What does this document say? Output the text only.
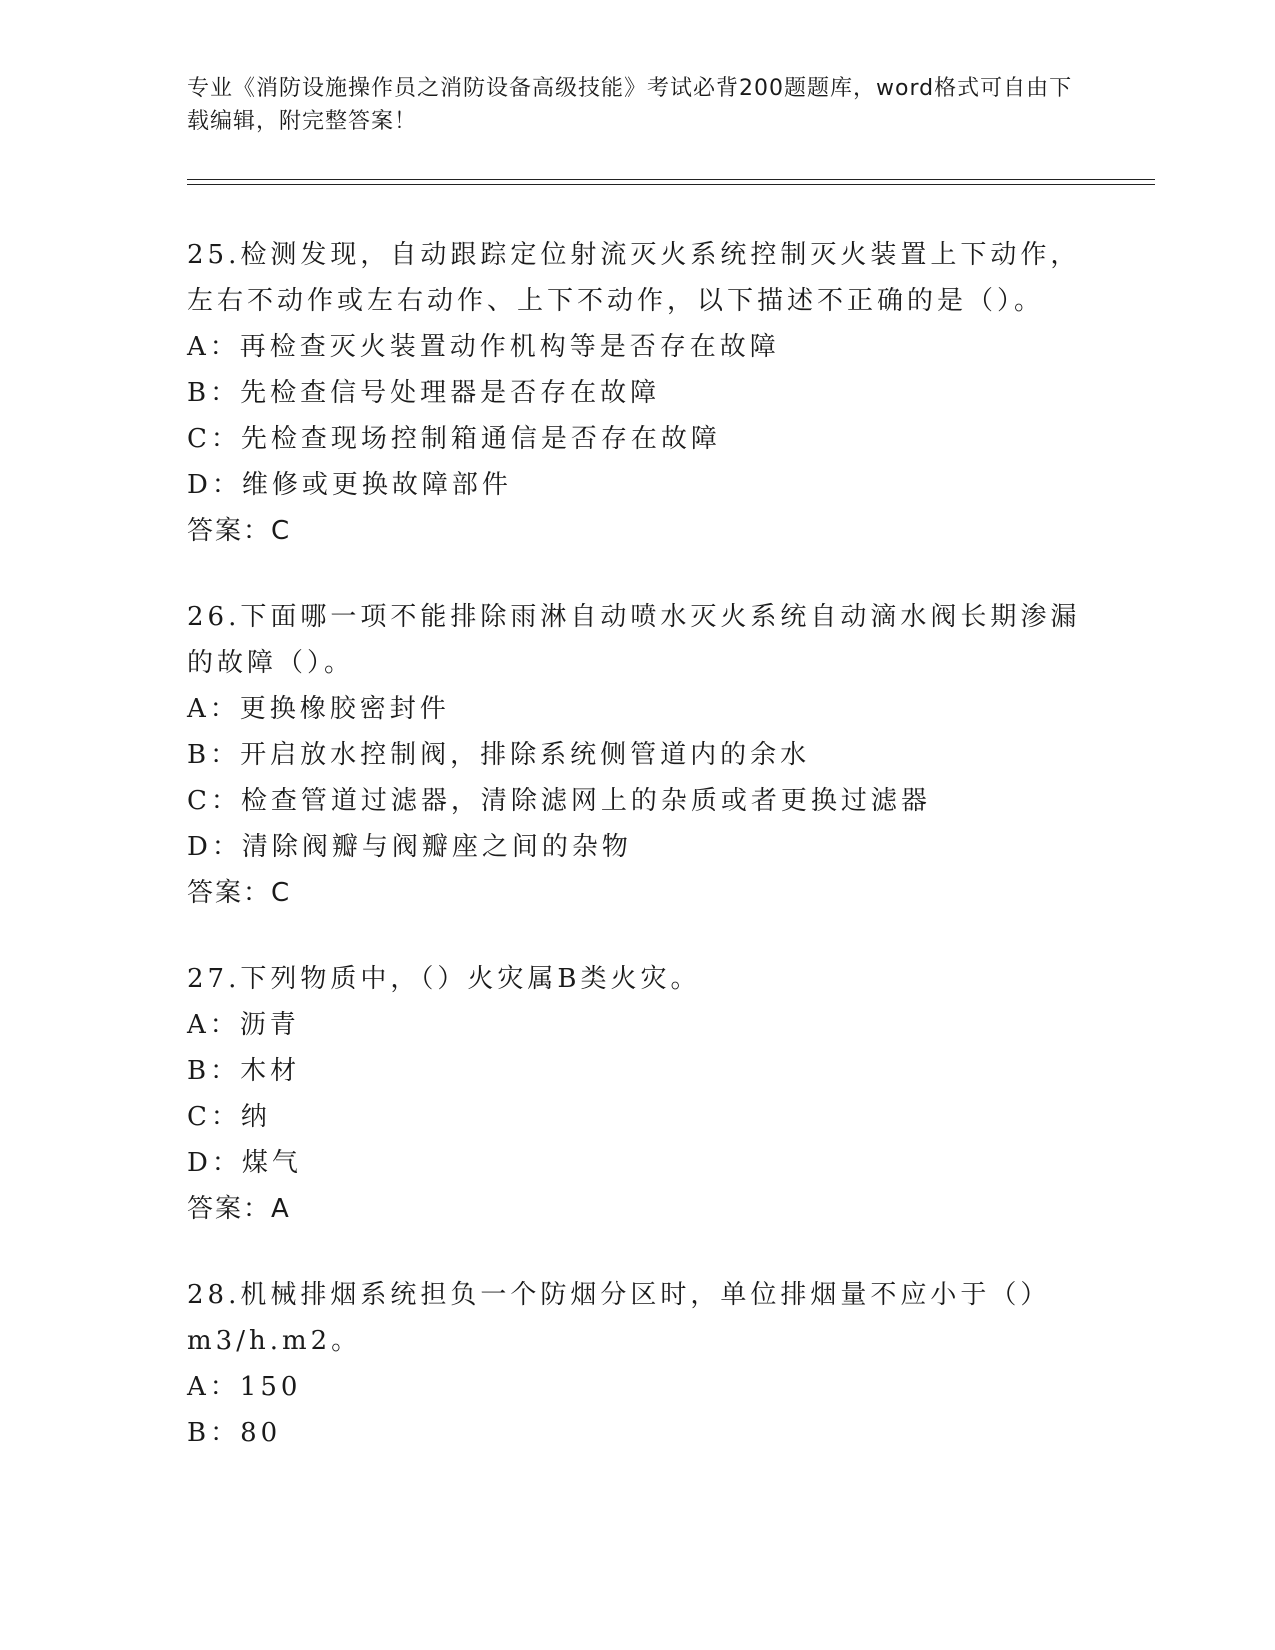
专业《消防设施操作员之消防设备高级技能》考试必背200题题库，word格式可自由下载编辑，附完整答案！
25.检测发现，自动跟踪定位射流灭火系统控制灭火装置上下动作，左右不动作或左右动作、上下不动作，以下描述不正确的是（）。
A：再检查灭火装置动作机构等是否存在故障
B：先检查信号处理器是否存在故障
C：先检查现场控制箱通信是否存在故障
D：维修或更换故障部件
答案：C
26.下面哪一项不能排除雨淋自动喷水灭火系统自动滴水阀长期渗漏的故障（）。
A：更换橡胶密封件
B：开启放水控制阀，排除系统侧管道内的余水
C：检查管道过滤器，清除滤网上的杂质或者更换过滤器
D：清除阀瓣与阀瓣座之间的杂物
答案：C
27.下列物质中，（）火灾属B类火灾。
A：沥青
B：木材
C：纳
D：煤气
答案：A
28.机械排烟系统担负一个防烟分区时，单位排烟量不应小于（）m3/h.m2。
A：150
B：80
